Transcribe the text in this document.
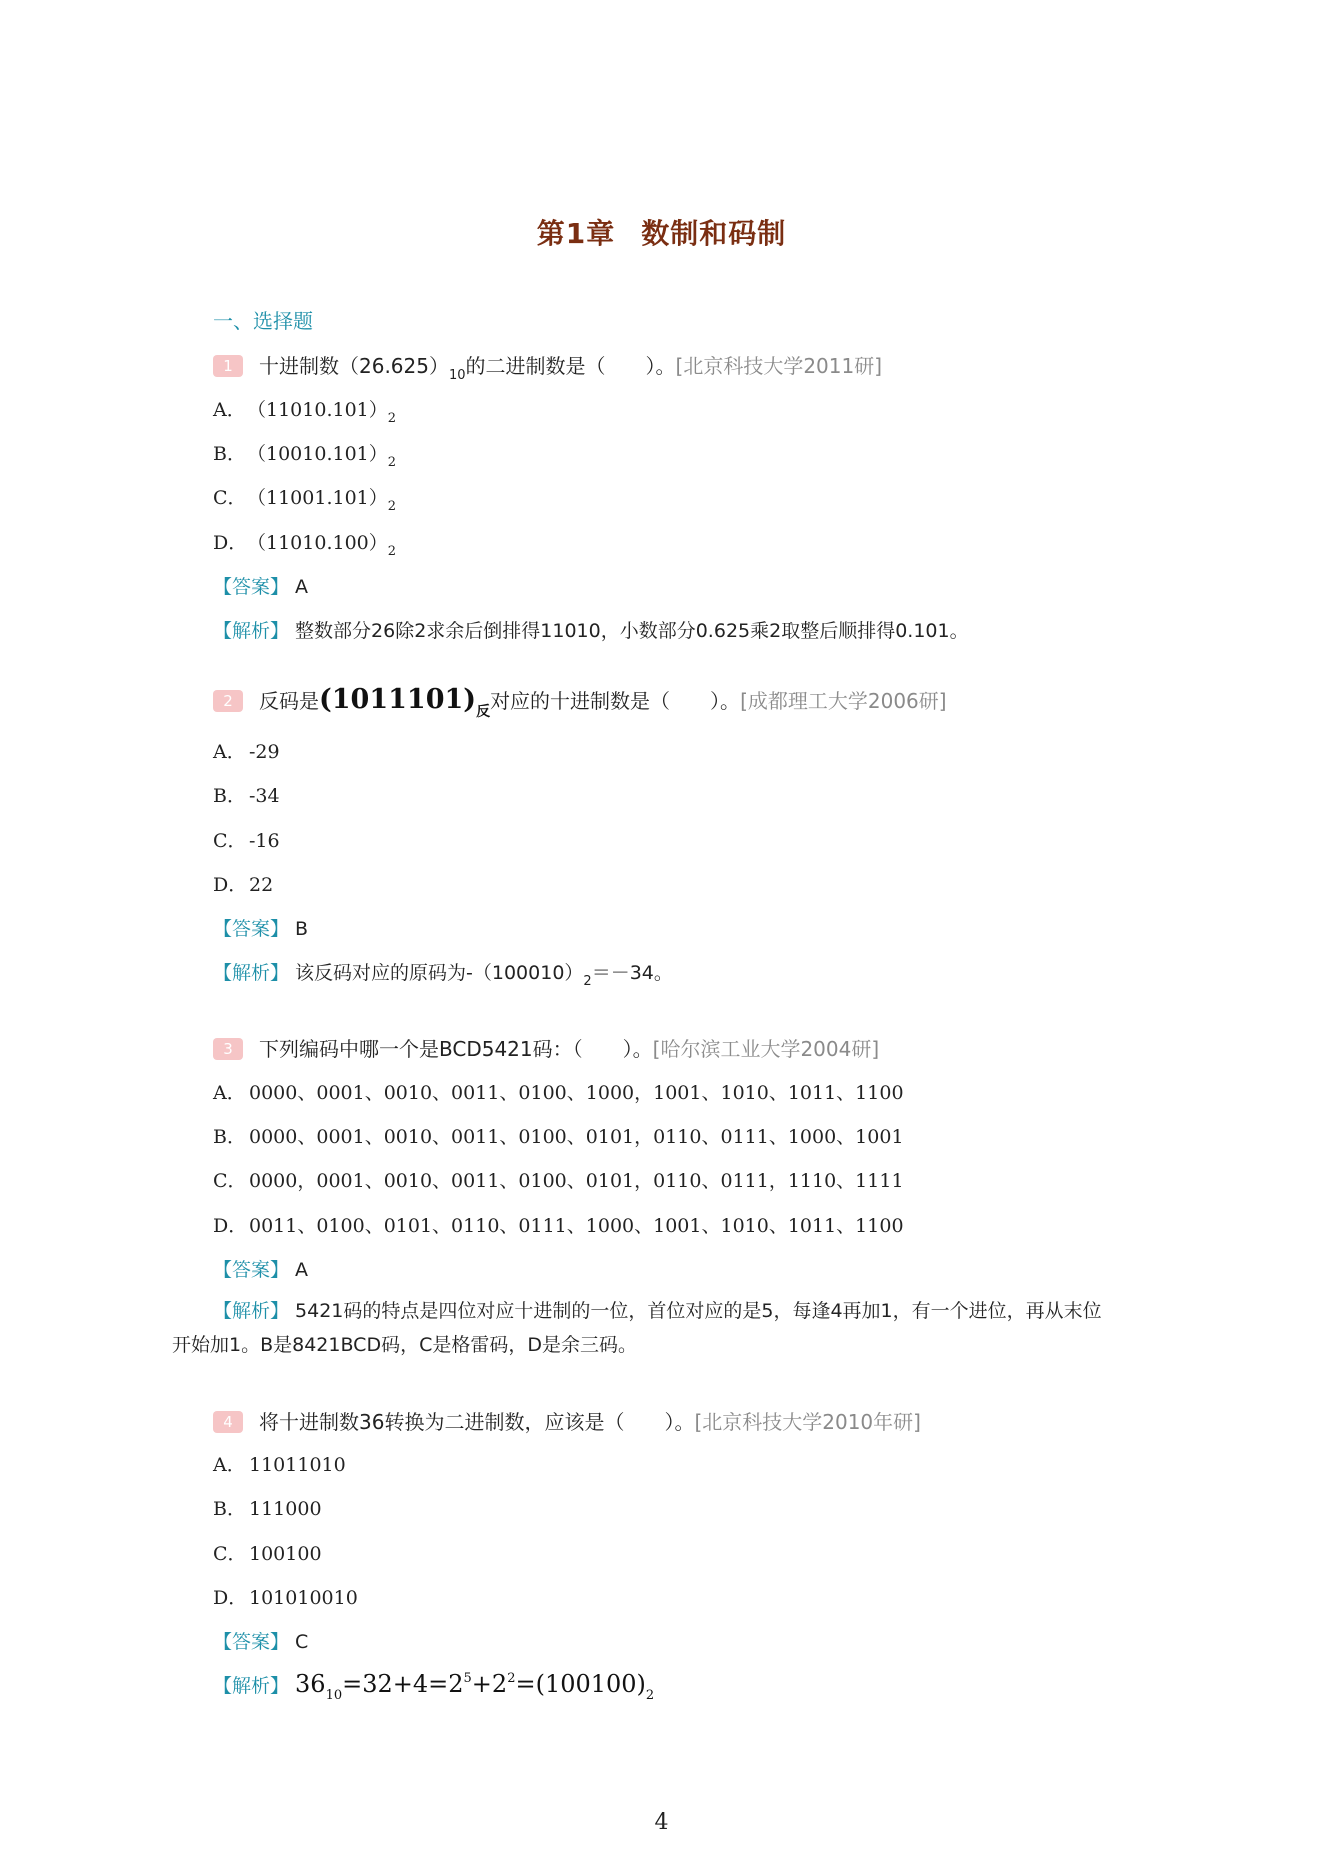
第1章 数制和码制
一、选择题
1 十进制数$(26.625)_{10}$的二进制数是（　　）。[北京科技大学2011研]
A．$(11010.101)_2$
B．$(10010.101)_2$
C．$(11001.101)_2$
D．$(11010.100)_2$
【答案】 A
【解析】 整数部分26除2求余后倒排得11010，小数部分0.625乘2取整后顺排得0.101。
2 反码是$(1011101)_反$对应的十进制数是（　　）。[成都理工大学2006研]
A． -29
B． -34
C． -16
D．22
【答案】 B
【解析】 该反码对应的原码为$-(100010)_2=-34$。
3 下列编码中哪一个是BCD5421码：（　　）。[哈尔滨工业大学2004研]
A． 0000、0001、0010、0011、0100、1000，1001、1010、1011、1100
B． 0000、0001、0010、0011、0100、0101，0110、0111、1000、1001
C． 0000，0001、0010、0011、0100、0101，0110、0111，1110、1111
D．0011、0100、0101、0110、0111、1000、1001、1010、1011、1100
【答案】 A
【解析】 5421码的特点是四位对应十进制的一位，首位对应的是5，每逢4再加1，有一个进位，再从末位
开始加1。B是8421BCD码，C是格雷码，D是余三码。
4 将十进制数36转换为二进制数，应该是（　　）。[北京科技大学2010年研]
A． 11011010
B． 111000
C． 100100
D．101010010
【答案】 C
【解析】 $36_{10}=32+4=2^5+2^2=(100100)_2$
4
